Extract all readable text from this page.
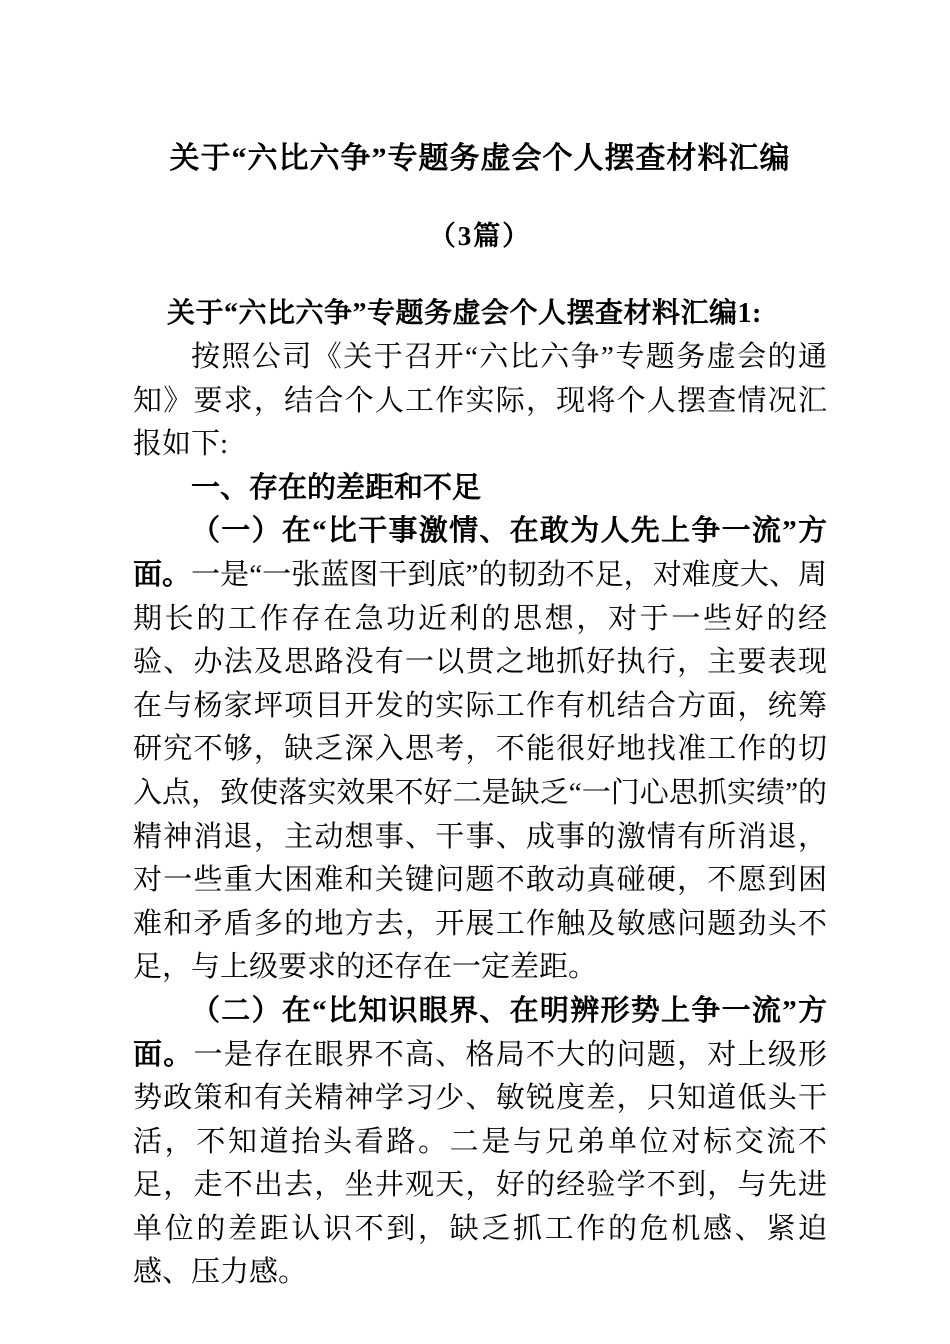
关于“六比六争”专题务虚会个人摆查材料汇编
（3篇）
关于“六比六争”专题务虚会个人摆查材料汇编1:

按照公司《关于召开“六比六争”专题务虚会的通知》要求，结合个人工作实际，现将个人摆查情况汇报如下:

一、存在的差距和不足

（一）在“比干事激情、在敢为人先上争一流”方面。一是“一张蓝图干到底”的韧劲不足，对难度大、周期长的工作存在急功近利的思想，对于一些好的经验、办法及思路没有一以贯之地抓好执行，主要表现在与杨家坪项目开发的实际工作有机结合方面，统筹研究不够，缺乏深入思考，不能很好地找准工作的切入点，致使落实效果不好二是缺乏“一门心思抓实绩”的精神消退，主动想事、干事、成事的激情有所消退，对一些重大困难和关键问题不敢动真碰硬，不愿到困难和矛盾多的地方去，开展工作触及敏感问题劲头不足，与上级要求的还存在一定差距。

（二）在“比知识眼界、在明辨形势上争一流”方面。一是存在眼界不高、格局不大的问题，对上级形势政策和有关精神学习少、敏锐度差，只知道低头干活，不知道抬头看路。二是与兄弟单位对标交流不足，走不出去，坐井观天，好的经验学不到，与先进单位的差距认识不到，缺乏抓工作的危机感、紧迫感、压力感。
